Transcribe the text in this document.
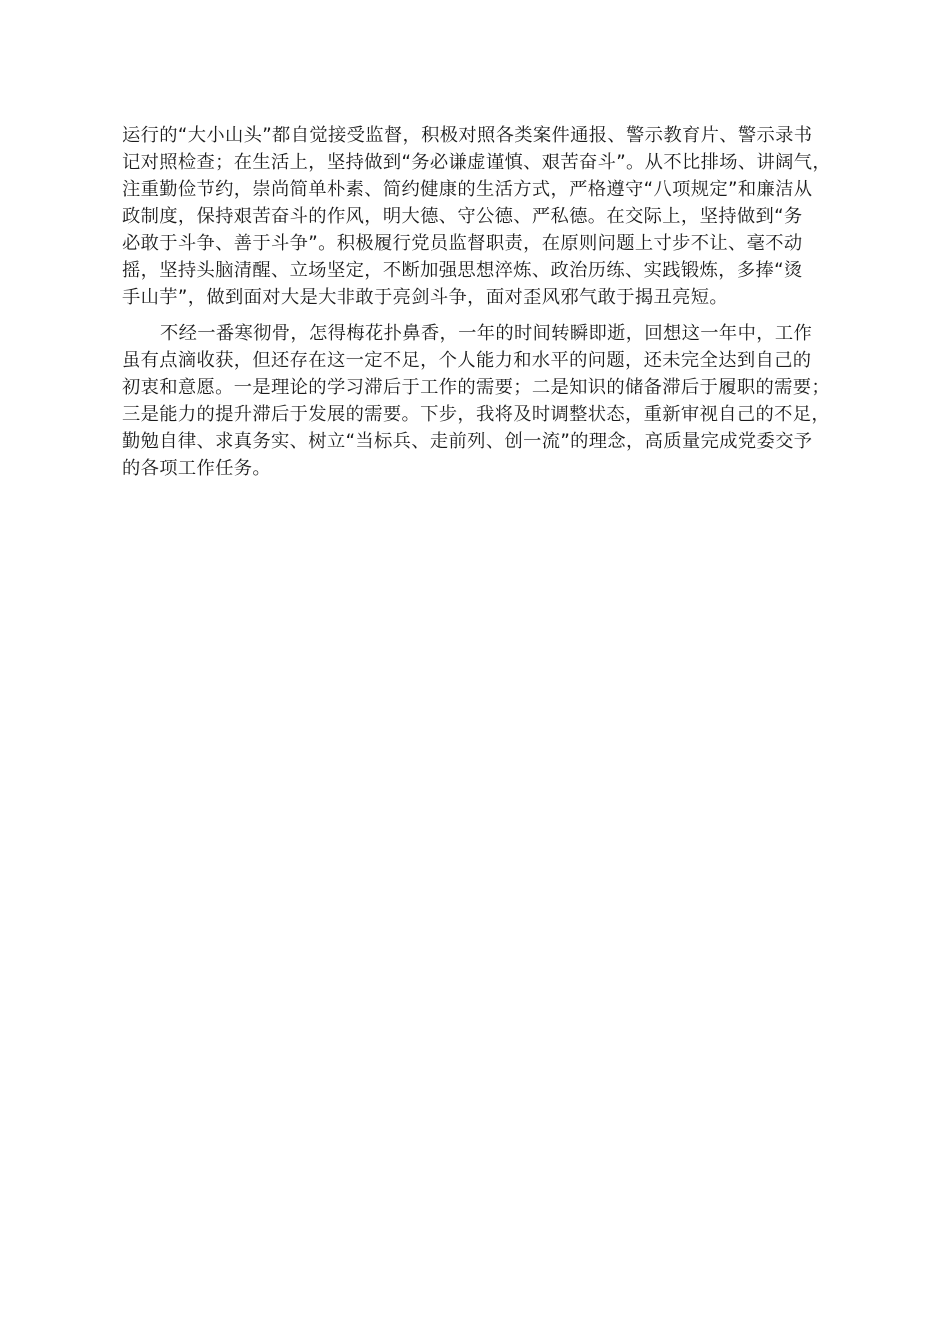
运行的“大小山头”都自觉接受监督，积极对照各类案件通报、警示教育片、警示录书
记对照检查；在生活上，坚持做到“务必谦虚谨慎、艰苦奋斗”。从不比排场、讲阔气，
注重勤俭节约，崇尚简单朴素、简约健康的生活方式，严格遵守“八项规定”和廉洁从
政制度，保持艰苦奋斗的作风，明大德、守公德、严私德。在交际上，坚持做到“务
必敢于斗争、善于斗争”。积极履行党员监督职责，在原则问题上寸步不让、毫不动
摇，坚持头脑清醒、立场坚定，不断加强思想淬炼、政治历练、实践锻炼，多捧“烫
手山芋”，做到面对大是大非敢于亮剑斗争，面对歪风邪气敢于揭丑亮短。
不经一番寒彻骨，怎得梅花扑鼻香，一年的时间转瞬即逝，回想这一年中，工作
虽有点滴收获，但还存在这一定不足，个人能力和水平的问题，还未完全达到自己的
初衷和意愿。一是理论的学习滞后于工作的需要；二是知识的储备滞后于履职的需要；
三是能力的提升滞后于发展的需要。下步，我将及时调整状态，重新审视自己的不足，
勤勉自律、求真务实、树立“当标兵、走前列、创一流”的理念，高质量完成党委交予
的各项工作任务。
